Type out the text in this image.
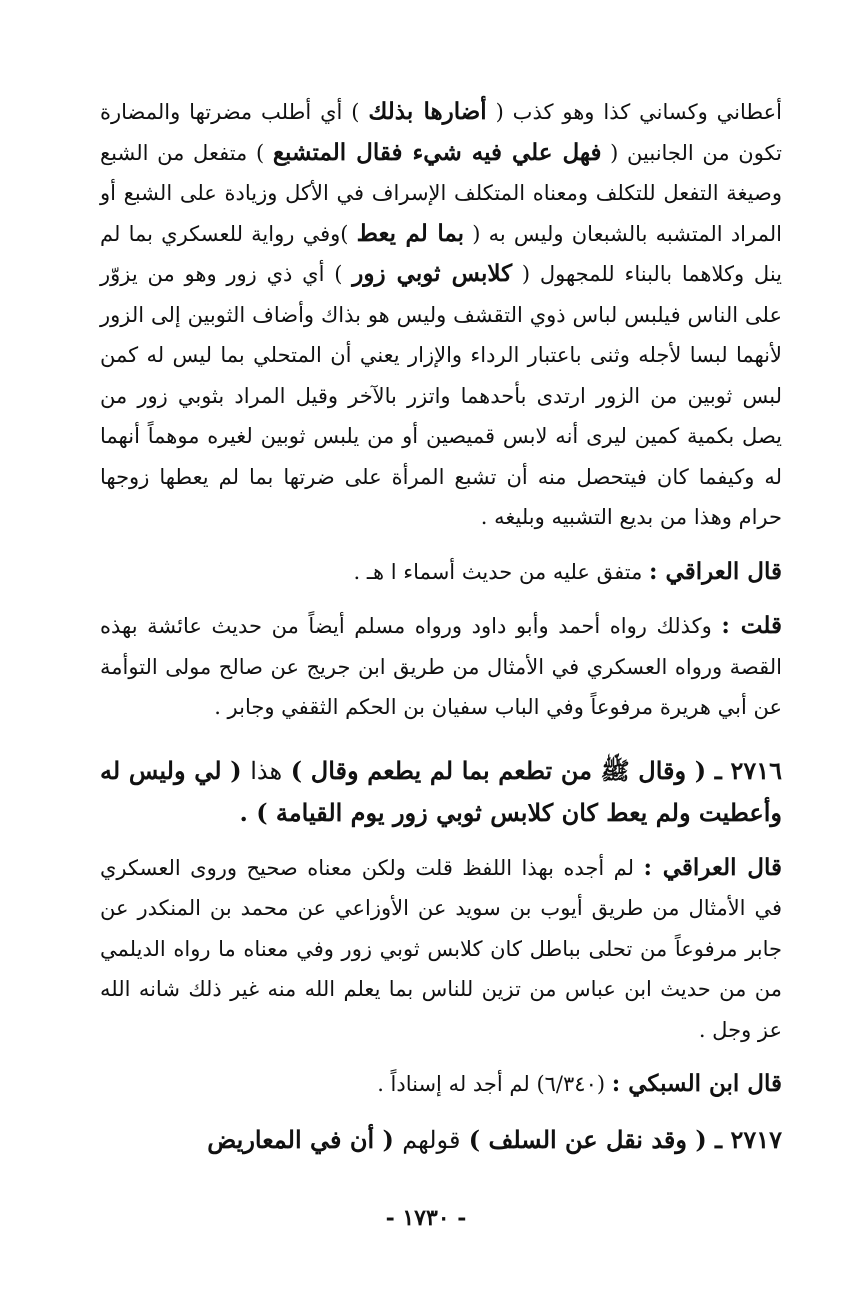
أعطاني وكساني كذا وهو كذب ( أضارها بذلك ) أي أطلب مضرتها والمضارة تكون من الجانبين ( فهل علي فيه شيء فقال المتشبع ) متفعل من الشبع وصيغة التفعل للتكلف ومعناه المتكلف الإسراف في الأكل وزيادة على الشبع أو المراد المتشبه بالشبعان وليس به ( بما لم يعط )وفي رواية للعسكري بما لم ينل وكلاهما بالبناء للمجهول ( كلابس ثوبي زور ) أي ذي زور وهو من يزوّر على الناس فيلبس لباس ذوي التقشف وليس هو بذاك وأضاف الثوبين إلى الزور لأنهما لبسا لأجله وثنى باعتبار الرداء والإزار يعني أن المتحلي بما ليس له كمن لبس ثوبين من الزور ارتدى بأحدهما واتزر بالآخر وقيل المراد بثوبي زور من يصل بكمية كمين ليرى أنه لابس قميصين أو من يلبس ثوبين لغيره موهماً أنهما له وكيفما كان فيتحصل منه أن تشبع المرأة على ضرتها بما لم يعطها زوجها حرام وهذا من بديع التشبيه وبليغه .

قال العراقي : متفق عليه من حديث أسماء ا هـ .

قلت : وكذلك رواه أحمد وأبو داود ورواه مسلم أيضاً من حديث عائشة بهذه القصة ورواه العسكري في الأمثال من طريق ابن جريج عن صالح مولى التوأمة عن أبي هريرة مرفوعاً وفي الباب سفيان بن الحكم الثقفي وجابر .

٢٧١٦ ـ ( وقال ﷺ من تطعم بما لم يطعم وقال ) هذا ( لي وليس له وأعطيت ولم يعط كان كلابس ثوبي زور يوم القيامة ) .

قال العراقي : لم أجده بهذا اللفظ قلت ولكن معناه صحيح وروى العسكري في الأمثال من طريق أيوب بن سويد عن الأوزاعي عن محمد بن المنكدر عن جابر مرفوعاً من تحلى بباطل كان كلابس ثوبي زور وفي معناه ما رواه الديلمي من من حديث ابن عباس من تزين للناس بما يعلم الله منه غير ذلك شانه الله عز وجل .

قال ابن السبكي : (٦/٣٤٠) لم أجد له إسناداً .

٢٧١٧ ـ ( وقد نقل عن السلف ) قولهم ( أن في المعاريض

- ١٧٣٠ -
